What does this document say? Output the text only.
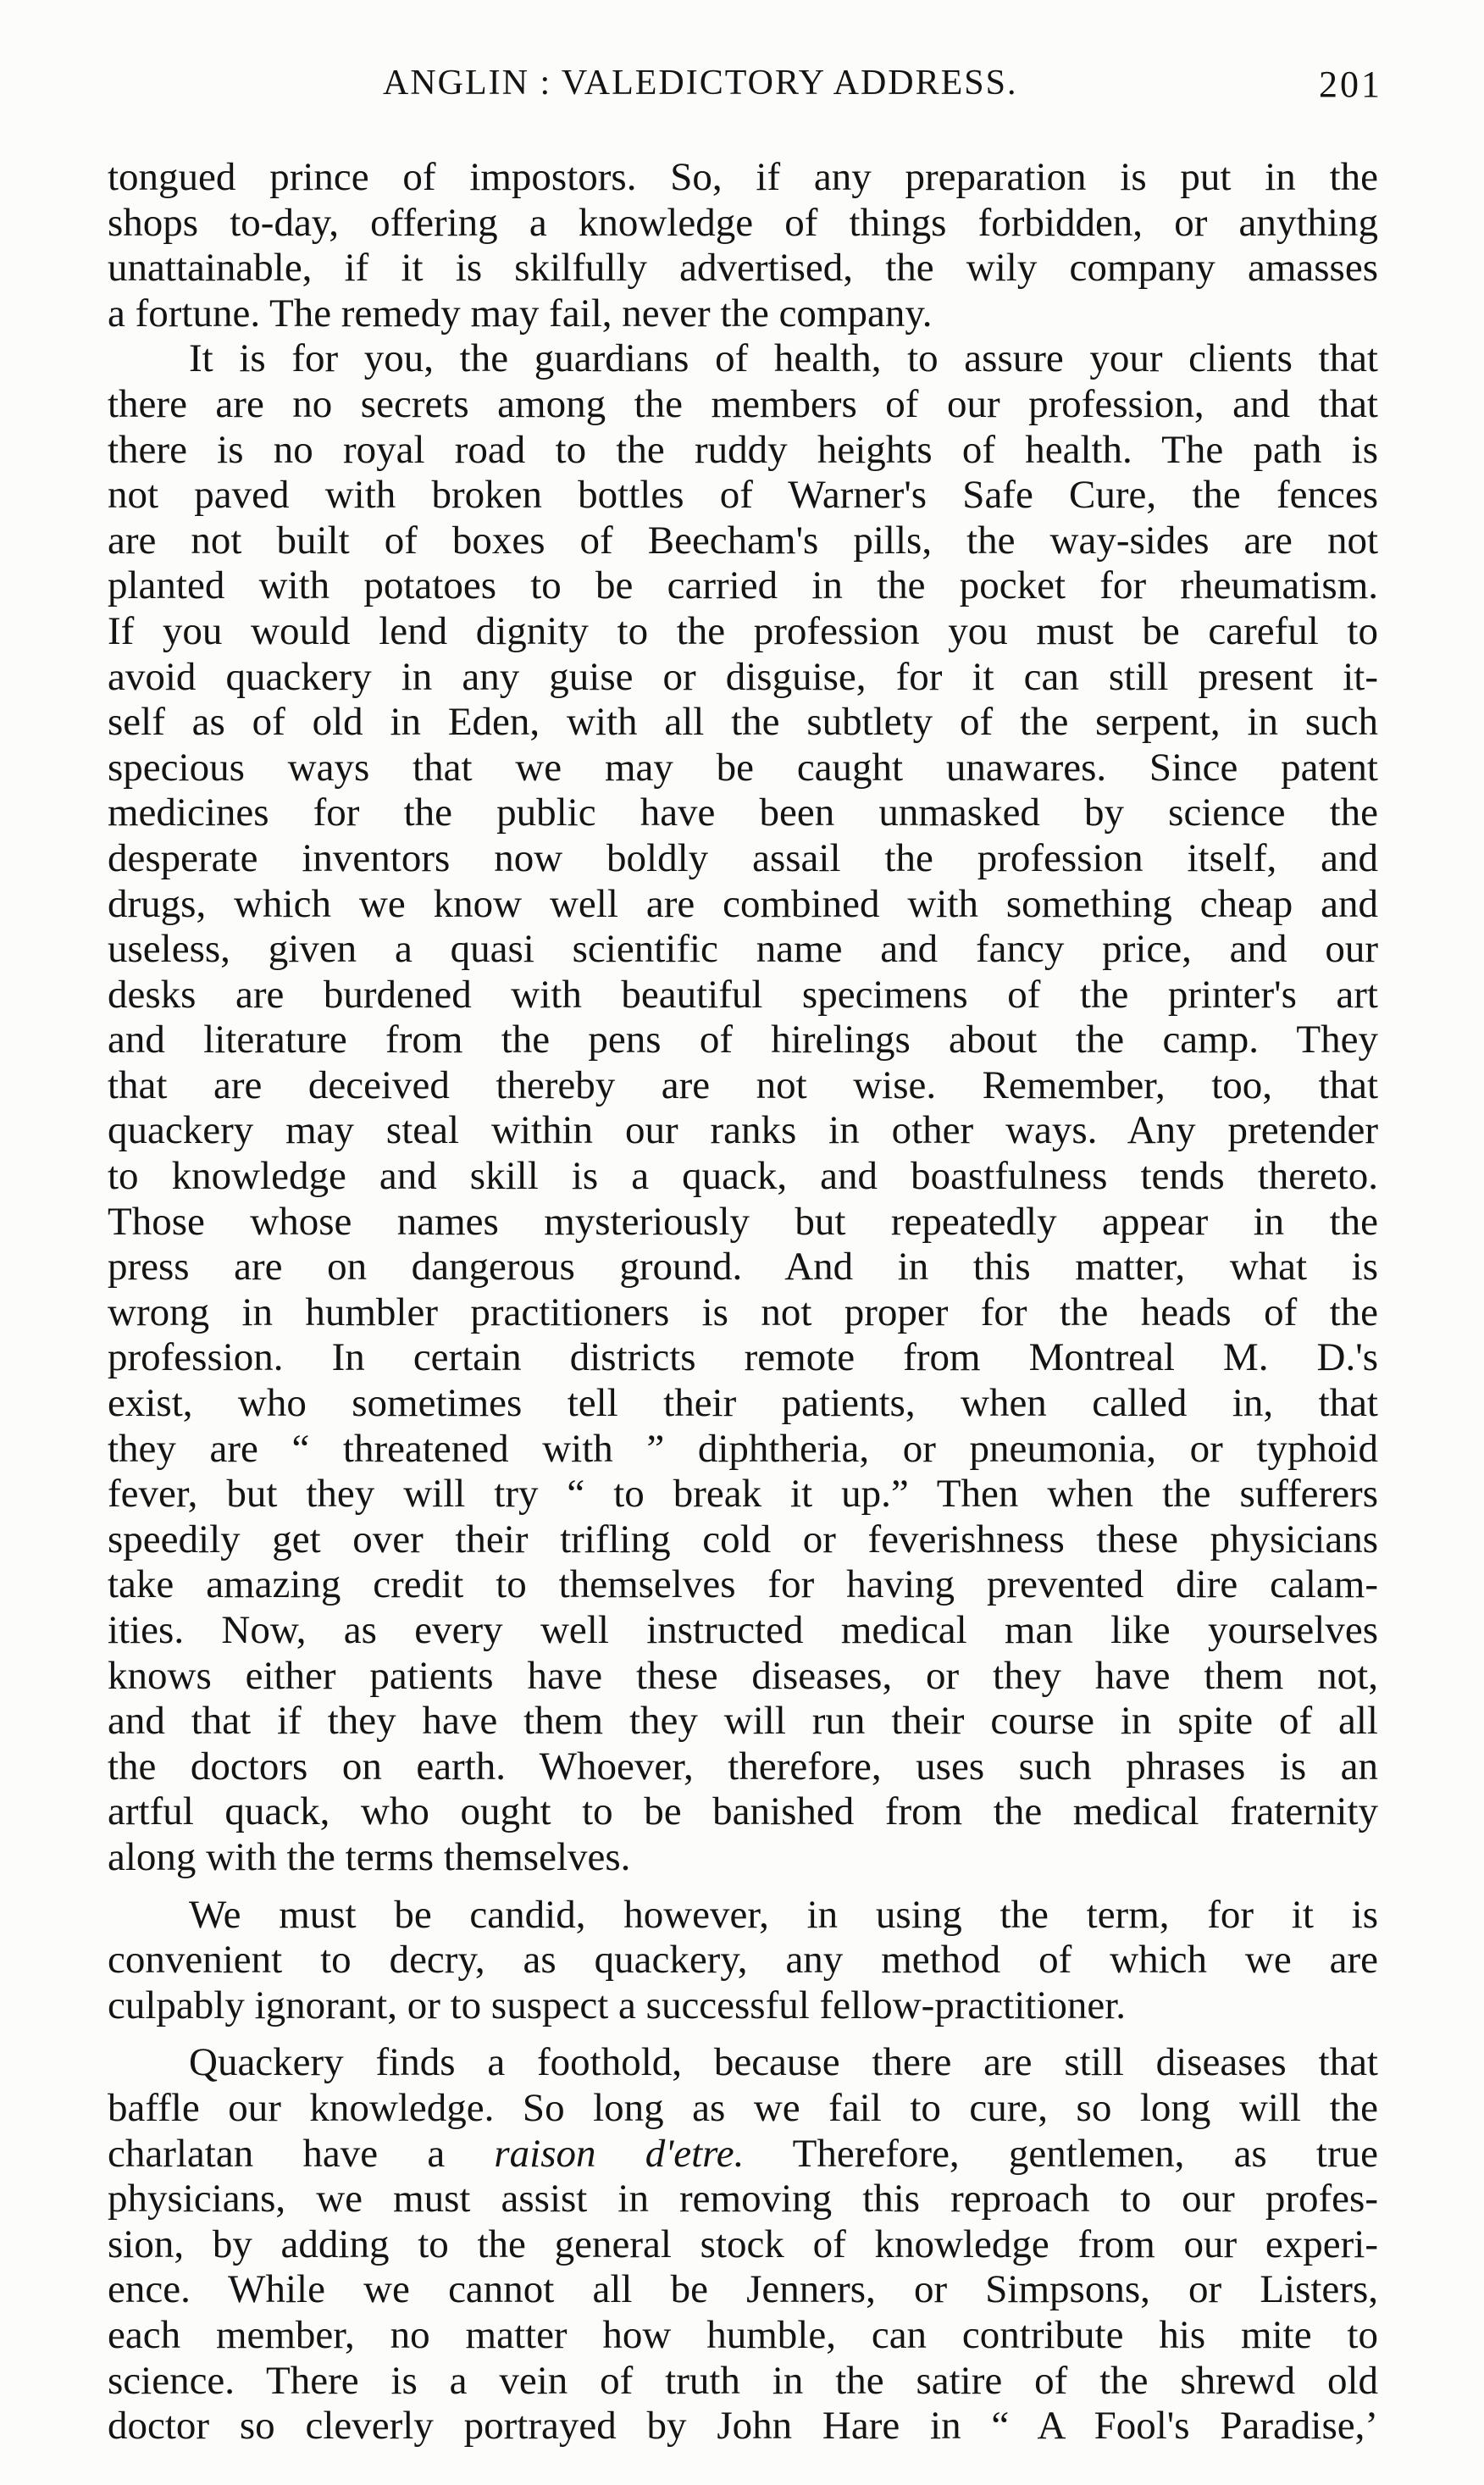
ANGLIN : VALEDICTORY ADDRESS.	201
tongued prince of impostors. So, if any preparation is put in the
shops to-day, offering a knowledge of things forbidden, or anything
unattainable, if it is skilfully advertised, the wily company amasses
a fortune. The remedy may fail, never the company.
It is for you, the guardians of health, to assure your clients that
there are no secrets among the members of our profession, and that
there is no royal road to the ruddy heights of health. The path is
not paved with broken bottles of Warner's Safe Cure, the fences
are not built of boxes of Beecham's pills, the way-sides are not
planted with potatoes to be carried in the pocket for rheumatism.
If you would lend dignity to the profession you must be careful to
avoid quackery in any guise or disguise, for it can still present it-
self as of old in Eden, with all the subtlety of the serpent, in such
specious ways that we may be caught unawares. Since patent
medicines for the public have been unmasked by science the
desperate inventors now boldly assail the profession itself, and
drugs, which we know well are combined with something cheap and
useless, given a quasi scientific name and fancy price, and our
desks are burdened with beautiful specimens of the printer's art
and literature from the pens of hirelings about the camp. They
that are deceived thereby are not wise. Remember, too, that
quackery may steal within our ranks in other ways. Any pretender
to knowledge and skill is a quack, and boastfulness tends thereto.
Those whose names mysteriously but repeatedly appear in the
press are on dangerous ground. And in this matter, what is
wrong in humbler practitioners is not proper for the heads of the
profession. In certain districts remote from Montreal M. D.'s
exist, who sometimes tell their patients, when called in, that
they are “ threatened with ” diphtheria, or pneumonia, or typhoid
fever, but they will try “ to break it up.” Then when the sufferers
speedily get over their trifling cold or feverishness these physicians
take amazing credit to themselves for having prevented dire calam-
ities. Now, as every well instructed medical man like yourselves
knows either patients have these diseases, or they have them not,
and that if they have them they will run their course in spite of all
the doctors on earth. Whoever, therefore, uses such phrases is an
artful quack, who ought to be banished from the medical fraternity
along with the terms themselves.
We must be candid, however, in using the term, for it is
convenient to decry, as quackery, any method of which we are
culpably ignorant, or to suspect a successful fellow-practitioner.
Quackery finds a foothold, because there are still diseases that
baffle our knowledge. So long as we fail to cure, so long will the
charlatan have a raison d'etre. Therefore, gentlemen, as true
physicians, we must assist in removing this reproach to our profes-
sion, by adding to the general stock of knowledge from our experi-
ence. While we cannot all be Jenners, or Simpsons, or Listers,
each member, no matter how humble, can contribute his mite to
science. There is a vein of truth in the satire of the shrewd old
doctor so cleverly portrayed by John Hare in “ A Fool's Paradise,’
